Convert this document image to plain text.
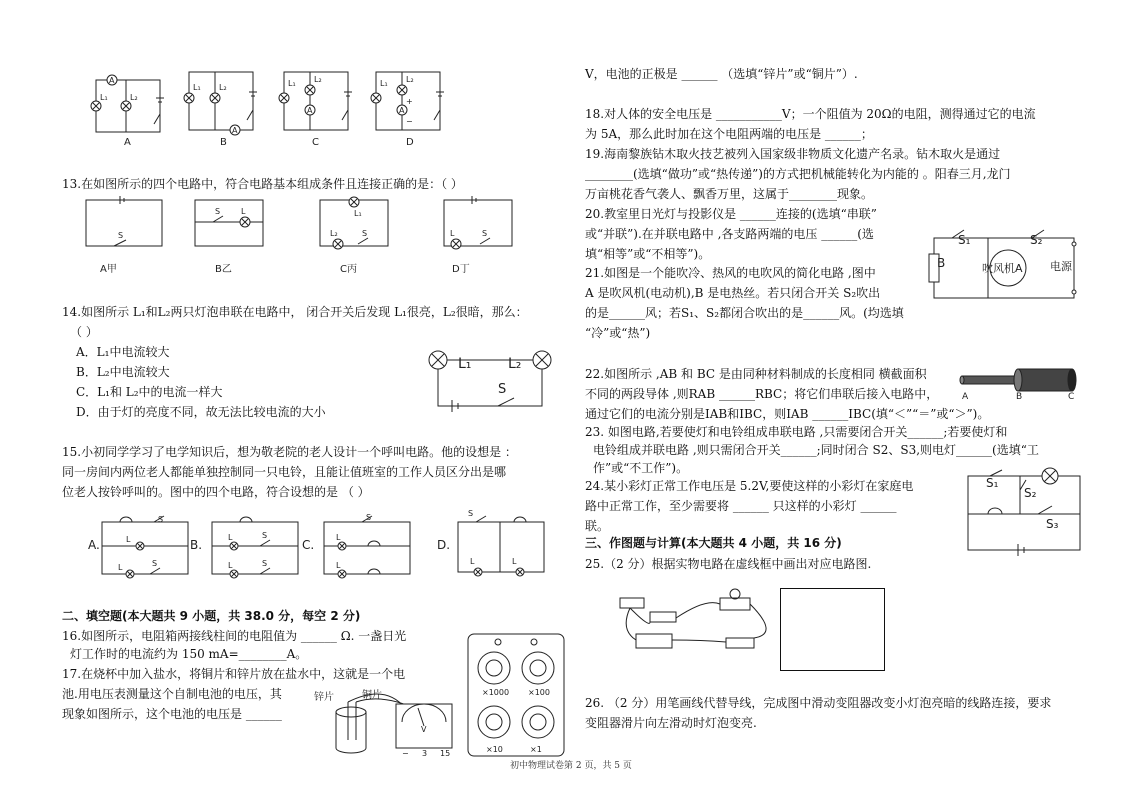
A
L₁	L₂
A
L₁ L₂
A
L₁ L₂
A
+
−
L₁ L₂
A	B	C	D
13.在如图所示的四个电路中，符合电路基本组成条件且连接正确的是：（ ）
S
S	L	L₁
L₂	S	L	S
A甲	B乙	C丙	D丁
14.如图所示 L₁和L₂两只灯泡串联在电路中， 闭合开关后发现 L₁很亮，L₂很暗，那么：
（ ）
A．L₁中电流较大
B．L₂中电流较大
C．L₁和 L₂中的电流一样大
D．由于灯的亮度不同，故无法比较电流的大小
L₁	L₂
S
15.小初同学学习了电学知识后，想为敬老院的老人设计一个呼叫电路。他的设想是 ：
同一房间内两位老人都能单独控制同一只电铃，且能让值班室的工作人员区分出是哪
位老人按铃呼叫的。图中的四个电路，符合设想的是 （ ）
A.	B.	C.	D.
S
L
L	S
L	S
L	S
L
S
L
S
L	L
二、填空题(本大题共 9 小题，共 38.0 分，每空 2 分)
16.如图所示，电阻箱两接线柱间的电阻值为 ______ Ω. 一盏日光
灯工作时的电流约为 150 mA=________A。
17.在烧杯中加入盐水，将铜片和锌片放在盐水中，这就是一个电
池.用电压表测量这个自制电池的电压，其
现象如图所示，这个电池的电压是 ______
V
− 3 15
锌片	铜片	×1000 ×100
×10	×1
V，电池的正极是 ______ （选填“锌片”或“铜片”）.
18.对人体的安全电压是 ___________V；一个阻值为 20Ω的电阻，测得通过它的电流
为 5A，那么此时加在这个电阻两端的电压是 ______；
19.海南黎族钻木取火技艺被列入国家级非物质文化遗产名录。钻木取火是通过
________(选填“做功”或“热传递”)的方式把机械能转化为内能的 。阳春三月,龙门
万亩桃花香气袭人、飘香万里，这属于________现象。
20.教室里日光灯与投影仪是 ______连接的(选填“串联”
或“并联”).在并联电路中 ,各支路两端的电压 ______(选
填“相等”或“不相等”)。
21.如图是一个能吹冷、热风的电吹风的简化电路 ,图中
A 是吹风机(电动机),B 是电热丝。若只闭合开关 S₂吹出
的是______风；若S₁、S₂都闭合吹出的是______风。(均选填
“冷”或“热”)
B
S₁	S₂
吹风机A 电源
22.如图所示 ,AB 和 BC 是由同种材料制成的长度相同 横截面积
不同的两段导体 ,则RAB ______RBC；将它们串联后接入电路中，
通过它们的电流分别是IAB和IBC，则IAB ______IBC(填“＜”“＝”或“＞”)。
A	B	C
23. 如图电路,若要使灯和电铃组成串联电路 ,只需要闭合开关______;若要使灯和
电铃组成并联电路 ,则只需闭合开关______;同时闭合 S2、S3,则电灯______(选填“工
作”或“不工作”)。
24.某小彩灯正常工作电压是 5.2V,要使这样的小彩灯在家庭电
路中正常工作，至少需要将 ______ 只这样的小彩灯 ______
联。
S₁
S₂
S₃
三、作图题与计算(本大题共 4 小题，共 16 分)
25.（2 分）根据实物电路在虚线框中画出对应电路图.
26. （2 分）用笔画线代替导线，完成图中滑动变阻器改变小灯泡亮暗的线路连接，要求
变阻器滑片向左滑动时灯泡变亮.
初中物理试卷第 2 页，共 5 页
